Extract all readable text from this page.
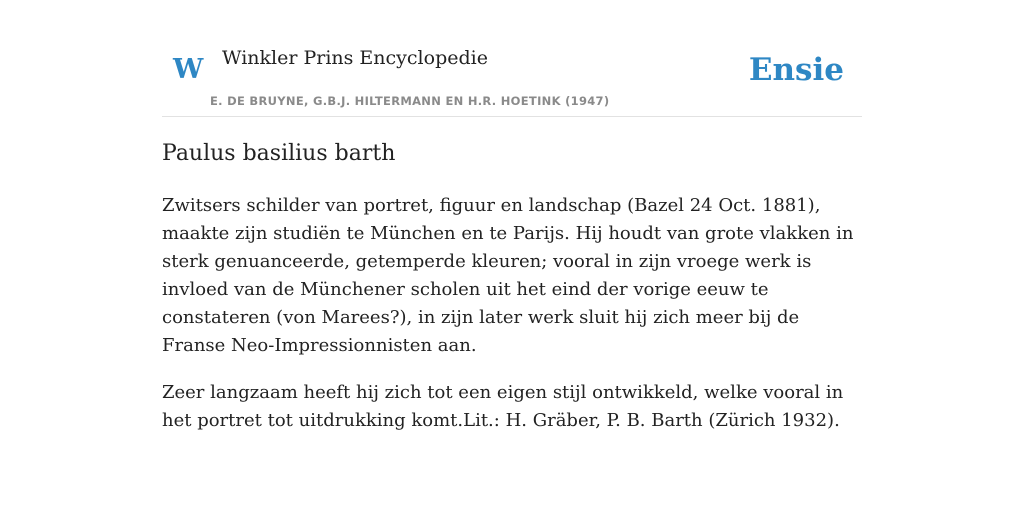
W Winkler Prins Encyclopedie
E. DE BRUYNE, G.B.J. HILTERMANN EN H.R. HOETINK (1947)
Ensie
Paulus basilius barth

Zwitsers schilder van portret, figuur en landschap (Bazel 24 Oct. 1881), maakte zijn studiën te München en te Parijs. Hij houdt van grote vlakken in sterk genuanceerde, getemperde kleuren; vooral in zijn vroege werk is invloed van de Münchener scholen uit het eind der vorige eeuw te constateren (von Marees?), in zijn later werk sluit hij zich meer bij de Franse Neo-Impressionnisten aan.

Zeer langzaam heeft hij zich tot een eigen stijl ontwikkeld, welke vooral in het portret tot uitdrukking komt.Lit.: H. Gräber, P. B. Barth (Zürich 1932).
